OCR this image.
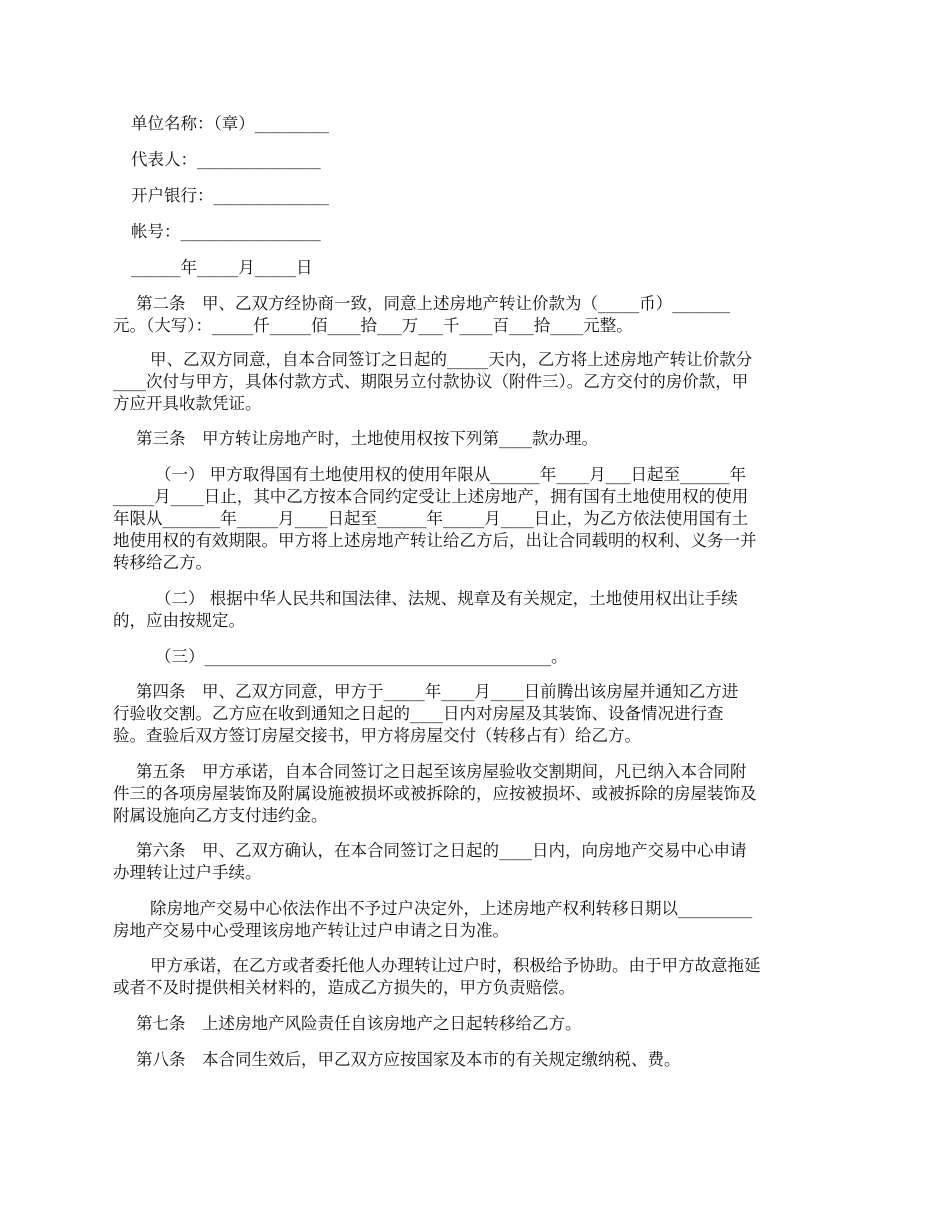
单位名称：（章）_________
代表人：_______________
开户银行：______________
帐号：_________________
______年_____月_____日
第二条　甲、乙双方经协商一致，同意上述房地产转让价款为（_____币）_______
元。（大写）：_____仟_____佰____拾___万___千____百___拾____元整。
甲、乙双方同意，自本合同签订之日起的_____天内，乙方将上述房地产转让价款分
____次付与甲方，具体付款方式、期限另立付款协议（附件三）。乙方交付的房价款，甲
方应开具收款凭证。
第三条　甲方转让房地产时，土地使用权按下列第____款办理。
（一） 甲方取得国有土地使用权的使用年限从______年____月___日起至______年
_____月____日止，其中乙方按本合同约定受让上述房地产，拥有国有土地使用权的使用
年限从_______年_____月____日起至______年_____月____日止，为乙方依法使用国有土
地使用权的有效期限。甲方将上述房地产转让给乙方后，出让合同载明的权利、义务一并
转移给乙方。
（二） 根据中华人民共和国法律、法规、规章及有关规定，土地使用权出让手续
的，应由按规定。
（三）__________________________________________。
第四条　甲、乙双方同意，甲方于_____年____月____日前腾出该房屋并通知乙方进
行验收交割。乙方应在收到通知之日起的____日内对房屋及其装饰、设备情况进行查
验。查验后双方签订房屋交接书，甲方将房屋交付（转移占有）给乙方。
第五条　甲方承诺，自本合同签订之日起至该房屋验收交割期间，凡已纳入本合同附
件三的各项房屋装饰及附属设施被损坏或被拆除的，应按被损坏、或被拆除的房屋装饰及
附属设施向乙方支付违约金。
第六条　甲、乙双方确认，在本合同签订之日起的____日内，向房地产交易中心申请
办理转让过户手续。
除房地产交易中心依法作出不予过户决定外，上述房地产权利转移日期以_________
房地产交易中心受理该房地产转让过户申请之日为准。
甲方承诺，在乙方或者委托他人办理转让过户时，积极给予协助。由于甲方故意拖延
或者不及时提供相关材料的，造成乙方损失的，甲方负责赔偿。
第七条　上述房地产风险责任自该房地产之日起转移给乙方。
第八条　本合同生效后，甲乙双方应按国家及本市的有关规定缴纳税、费。
